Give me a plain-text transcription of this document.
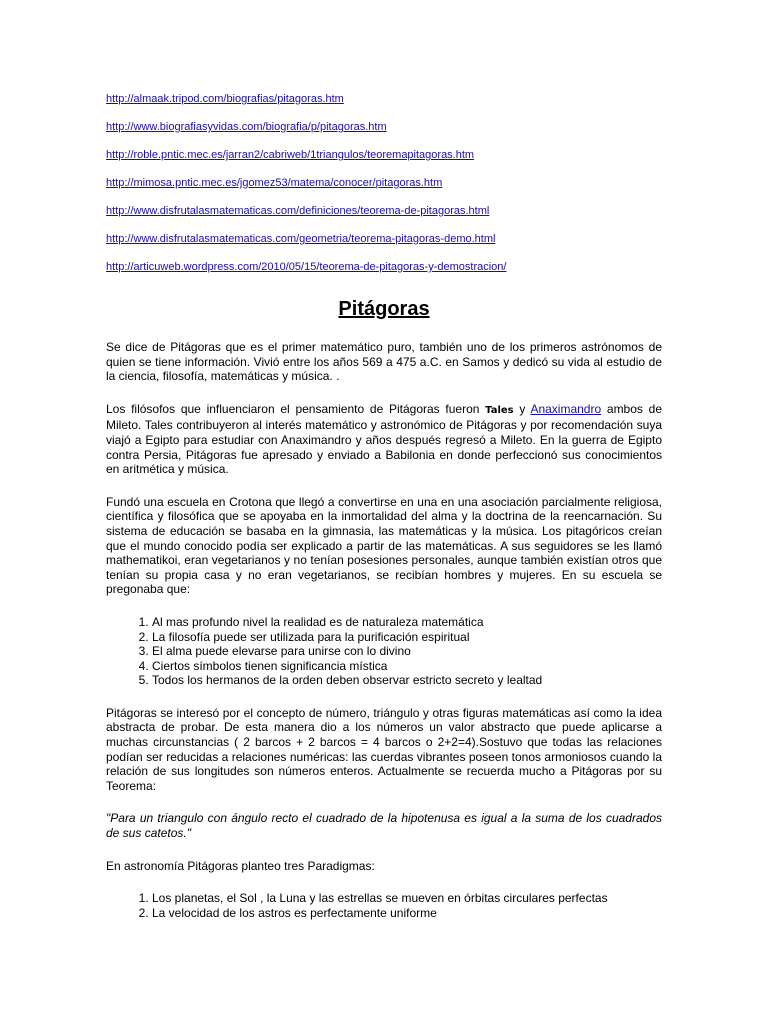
http://almaak.tripod.com/biografias/pitagoras.htm
http://www.biografiasyvidas.com/biografia/p/pitagoras.htm
http://roble.pntic.mec.es/jarran2/cabriweb/1triangulos/teoremapitagoras.htm
http://mimosa.pntic.mec.es/jgomez53/matema/conocer/pitagoras.htm
http://www.disfrutalasmatematicas.com/definiciones/teorema-de-pitagoras.html
http://www.disfrutalasmatematicas.com/geometria/teorema-pitagoras-demo.html
http://articuweb.wordpress.com/2010/05/15/teorema-de-pitagoras-y-demostracion/
Pitágoras

Se dice de Pitágoras que es el primer matemático puro, también uno de los primeros astrónomos de quien se tiene información. Vivió entre los años 569 a 475 a.C. en Samos y dedicó su vida al estudio de la ciencia, filosofía, matemáticas y música. .

Los filósofos que influenciaron el pensamiento de Pitágoras fueron Tales y Anaximandro ambos de Mileto. Tales contribuyeron al interés matemático y astronómico de Pitágoras y por recomendación suya viajó a Egipto para estudiar con Anaximandro y años después regresó a Mileto. En la guerra de Egipto contra Persia, Pitágoras fue apresado y enviado a Babilonia en donde perfeccionó sus conocimientos en aritmética y música.

Fundó una escuela en Crotona que llegó a convertirse en una en una asociación parcialmente religiosa, científica y filosófica que se apoyaba en la inmortalidad del alma y la doctrina de la reencarnación. Su sistema de educación se basaba en la gimnasia, las matemáticas y la música. Los pitagóricos creían que el mundo conocido podía ser explicado a partir de las matemáticas. A sus seguidores se les llamó mathematikoi, eran vegetarianos y no tenían posesiones personales, aunque también existían otros que tenían su propia casa y no eran vegetarianos, se recibían hombres y mujeres. En su escuela se pregonaba que:

1. Al mas profundo nivel la realidad es de naturaleza matemática
2. La filosofía puede ser utilizada para la purificación espiritual
3. El alma puede elevarse para unirse con lo divino
4. Ciertos símbolos tienen significancia mística
5. Todos los hermanos de la orden deben observar estricto secreto y lealtad

Pitágoras se interesó por el concepto de número, triángulo y otras figuras matemáticas así como la idea abstracta de probar. De esta manera dio a los números un valor abstracto que puede aplicarse a muchas circunstancias ( 2 barcos + 2 barcos = 4 barcos o 2+2=4).Sostuvo que todas las relaciones podían ser reducidas a relaciones numéricas: las cuerdas vibrantes poseen tonos armoniosos cuando la relación de sus longitudes son números enteros. Actualmente se recuerda mucho a Pitágoras por su Teorema:

"Para un triangulo con ángulo recto el cuadrado de la hipotenusa es igual a la suma de los cuadrados de sus catetos."

En astronomía Pitágoras planteo tres Paradigmas:

1. Los planetas, el Sol , la Luna y las estrellas se mueven en órbitas circulares perfectas
2. La velocidad de los astros es perfectamente uniforme
